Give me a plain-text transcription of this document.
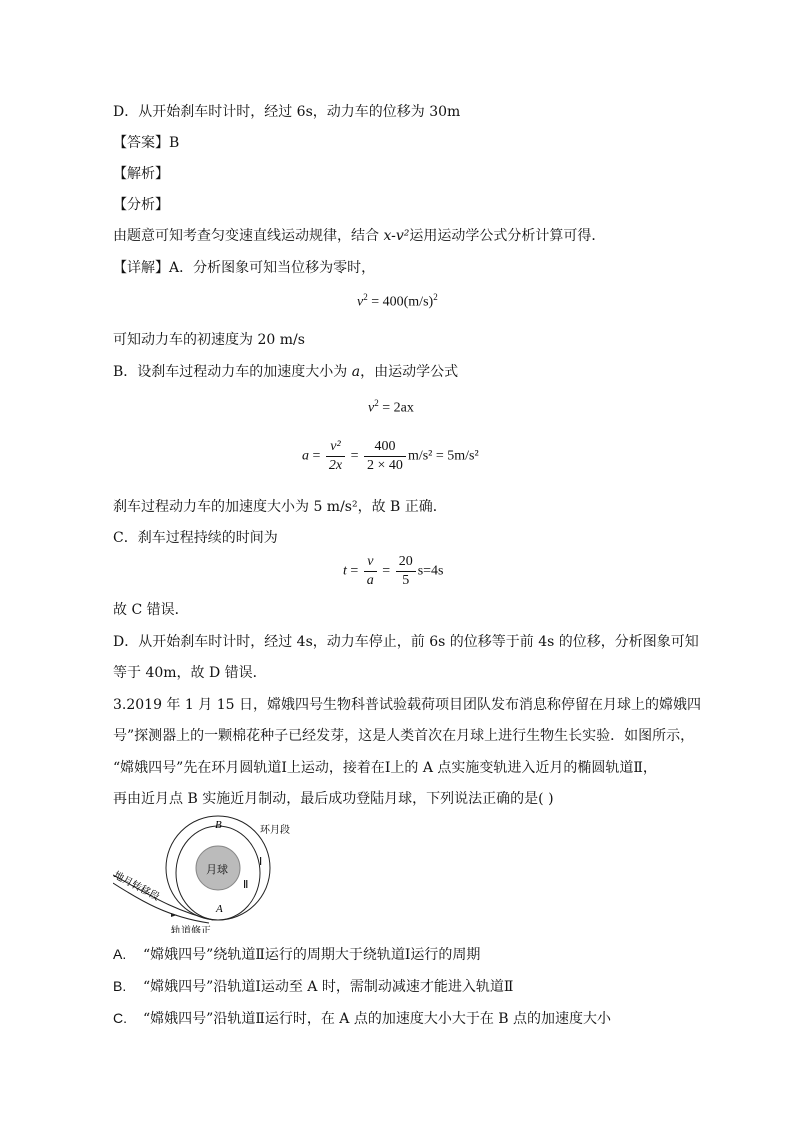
D．从开始刹车时计时，经过 6s，动力车的位移为 30m
【答案】B
【解析】
【分析】
由题意可知考查匀变速直线运动规律，结合 x-v²运用运动学公式分析计算可得．
【详解】A．分析图象可知当位移为零时，
$v^2 = 400(m/s)^2$
可知动力车的初速度为 20 m/s
B．设刹车过程动力车的加速度大小为 a，由运动学公式
$v^2 = 2ax$
$a = \frac{\text{v²}}{2x} = \frac{400}{2 \times 40} m/s^2 = 5m/s^2$
刹车过程动力车的加速度大小为 5 m/s²，故 B 正确．
C．刹车过程持续的时间为
$t = \frac{v}{a} = \frac{20}{5} s=4s$
故 C 错误．
D．从开始刹车时计时，经过 4s，动力车停止，前 6s 的位移等于前 4s 的位移，分析图象可知
等于 40m，故 D 错误．
3.2019 年 1 月 15 日，嫦娥四号生物科普试验载荷项目团队发布消息称停留在月球上的嫦娥四
号”探测器上的一颗棉花种子已经发芽，这是人类首次在月球上进行生物生长实验．如图所示，
“嫦娥四号”先在环月圆轨道Ⅰ上运动，接着在Ⅰ上的 A 点实施变轨进入近月的椭圆轨道Ⅱ，
再由近月点 B 实施近月制动，最后成功登陆月球，下列说法正确的是( )
月球
B
A
Ⅰ
Ⅱ
环月段
地月转移段
轨道修正
A. “嫦娥四号”绕轨道Ⅱ运行的周期大于绕轨道Ⅰ运行的周期
B. “嫦娥四号”沿轨道Ⅰ运动至 A 时，需制动减速才能进入轨道Ⅱ
C. “嫦娥四号”沿轨道Ⅱ运行时，在 A 点的加速度大小大于在 B 点的加速度大小
